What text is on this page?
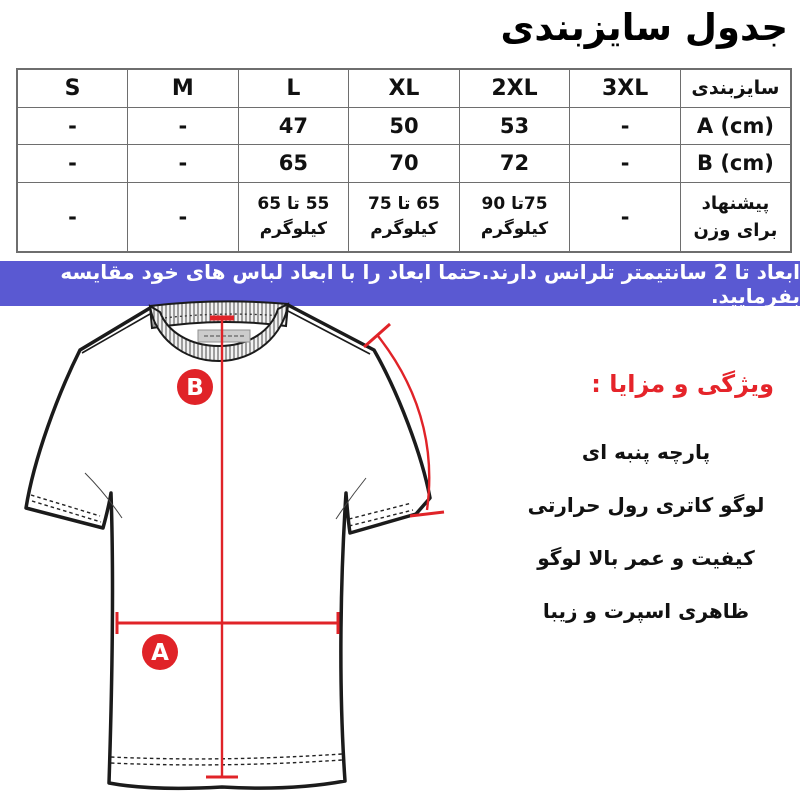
جدول سایزبندی
S	M	L	XL	2XL	3XL	سایزبندی
-	-	47	50	53	-	A (cm)
-	-	65	70	72	-	B (cm)
-	-	55 تا 65 کیلوگرم	65 تا 75 کیلوگرم	75تا 90 کیلوگرم	-	پیشنهاد برای وزن
ابعاد تا 2 سانتیمتر تلرانس دارند.حتما ابعاد را با ابعاد لباس های خود مقایسه بفرمایید.
B
A
ویژگی و مزایا :
پارچه پنبه ای
لوگو کاتری رول حرارتی
کیفیت و عمر بالا لوگو
ظاهری اسپرت و زیبا
